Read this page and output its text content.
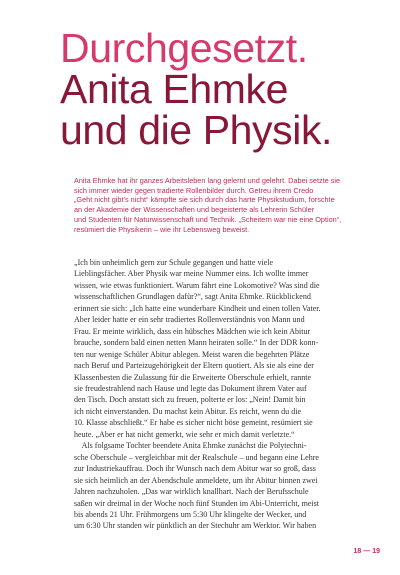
Durchgesetzt.
Anita Ehmke
und die Physik.
Anita Ehmke hat ihr ganzes Arbeitsleben lang gelernt und gelehrt. Dabei setzte sie
sich immer wieder gegen tradierte Rollenbilder durch. Getreu ihrem Credo
„Geht nicht gibt’s nicht“ kämpfte sie sich durch das harte Physikstudium, forschte
an der Akademie der Wissenschaften und begeisterte als Lehrerin Schüler
und Studenten für Naturwissenschaft und Technik. „Scheitern war nie eine Option“,
resümiert die Physikerin – wie ihr Lebensweg beweist.
„Ich bin unheimlich gern zur Schule gegangen und hatte viele
Lieblingsfächer. Aber Physik war meine Nummer eins. Ich wollte immer
wissen, wie etwas funktioniert. Warum fährt eine Lokomotive? Was sind die
wissenschaftlichen Grundlagen dafür?“, sagt Anita Ehmke. Rückblickend
erinnert sie sich: „Ich hatte eine wunderbare Kindheit und einen tollen Vater.
Aber leider hatte er ein sehr tradiertes Rollenverständnis von Mann und
Frau. Er meinte wirklich, dass ein hübsches Mädchen wie ich kein Abitur
brauche, sondern bald einen netten Mann heiraten solle.“ In der DDR konn-
ten nur wenige Schüler Abitur ablegen. Meist waren die begehrten Plätze
nach Beruf und Parteizugehörigkeit der Eltern quotiert. Als sie als eine der
Klassenbesten die Zulassung für die Erweiterte Oberschule erhielt, rannte
sie freudestrahlend nach Hause und legte das Dokument ihrem Vater auf
den Tisch. Doch anstatt sich zu freuen, polterte er los: „Nein! Damit bin
ich nicht einverstanden. Du machst kein Abitur. Es reicht, wenn du die
10. Klasse abschließt.“ Er habe es sicher nicht böse gemeint, resümiert sie
heute. „Aber er hat nicht gemerkt, wie sehr er mich damit verletzte.“
Als folgsame Tochter beendete Anita Ehmke zunächst die Polytechni-
sche Oberschule – vergleichbar mit der Realschule – und begann eine Lehre
zur Industriekauffrau. Doch ihr Wunsch nach dem Abitur war so groß, dass
sie sich heimlich an der Abendschule anmeldete, um ihr Abitur binnen zwei
Jahren nachzuholen. „Das war wirklich knallhart. Nach der Berufsschule
saßen wir dreimal in der Woche noch fünf Stunden im Abi-Unterricht, meist
bis abends 21 Uhr. Frühmorgens um 5:30 Uhr klingelte der Wecker, und
um 6:30 Uhr standen wir pünktlich an der Stechuhr am Werktor. Wir haben
18 — 19
